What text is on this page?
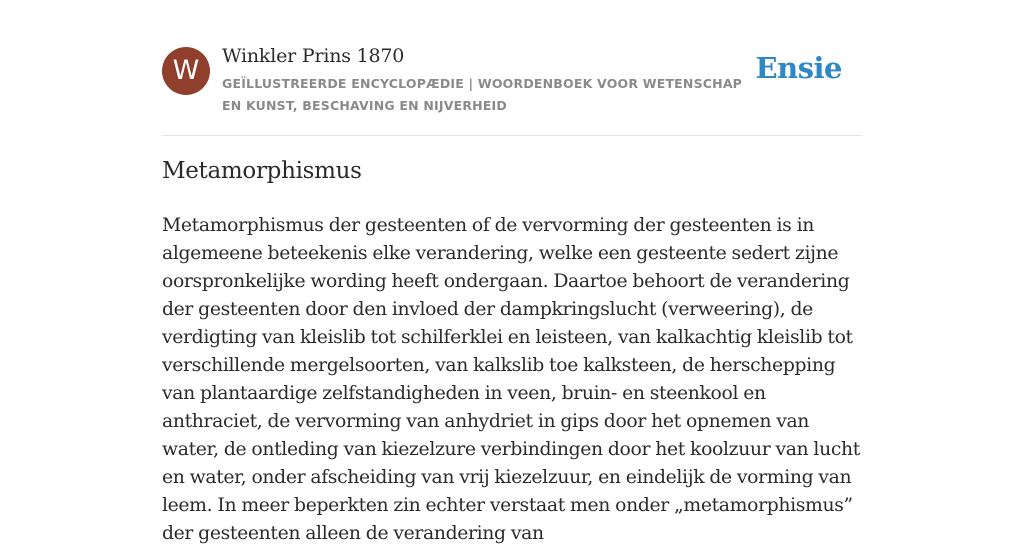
W	Winkler Prins 1870
GEÏLLUSTREERDE ENCYCLOPÆDIE | WOORDENBOEK VOOR WETENSCHAP EN KUNST, BESCHAVING EN NIJVERHEID
Ensie
Metamorphismus

Metamorphismus der gesteenten of de vervorming der gesteenten is in algemeene beteekenis elke verandering, welke een gesteente sedert zijne oorspronkelijke wording heeft ondergaan. Daartoe behoort de verandering der gesteenten door den invloed der dampkringslucht (verweering), de verdigting van kleislib tot schilferklei en leisteen, van kalkachtig kleislib tot verschillende mergelsoorten, van kalkslib toe kalksteen, de herschepping van plantaardige zelfstandigheden in veen, bruin- en steenkool en anthraciet, de vervorming van anhydriet in gips door het opnemen van water, de ontleding van kiezelzure verbindingen door het koolzuur van lucht en water, onder afscheiding van vrij kiezelzuur, en eindelijk de vorming van leem. In meer beperkten zin echter verstaat men onder „metamorphismus” der gesteenten alleen de verandering van
